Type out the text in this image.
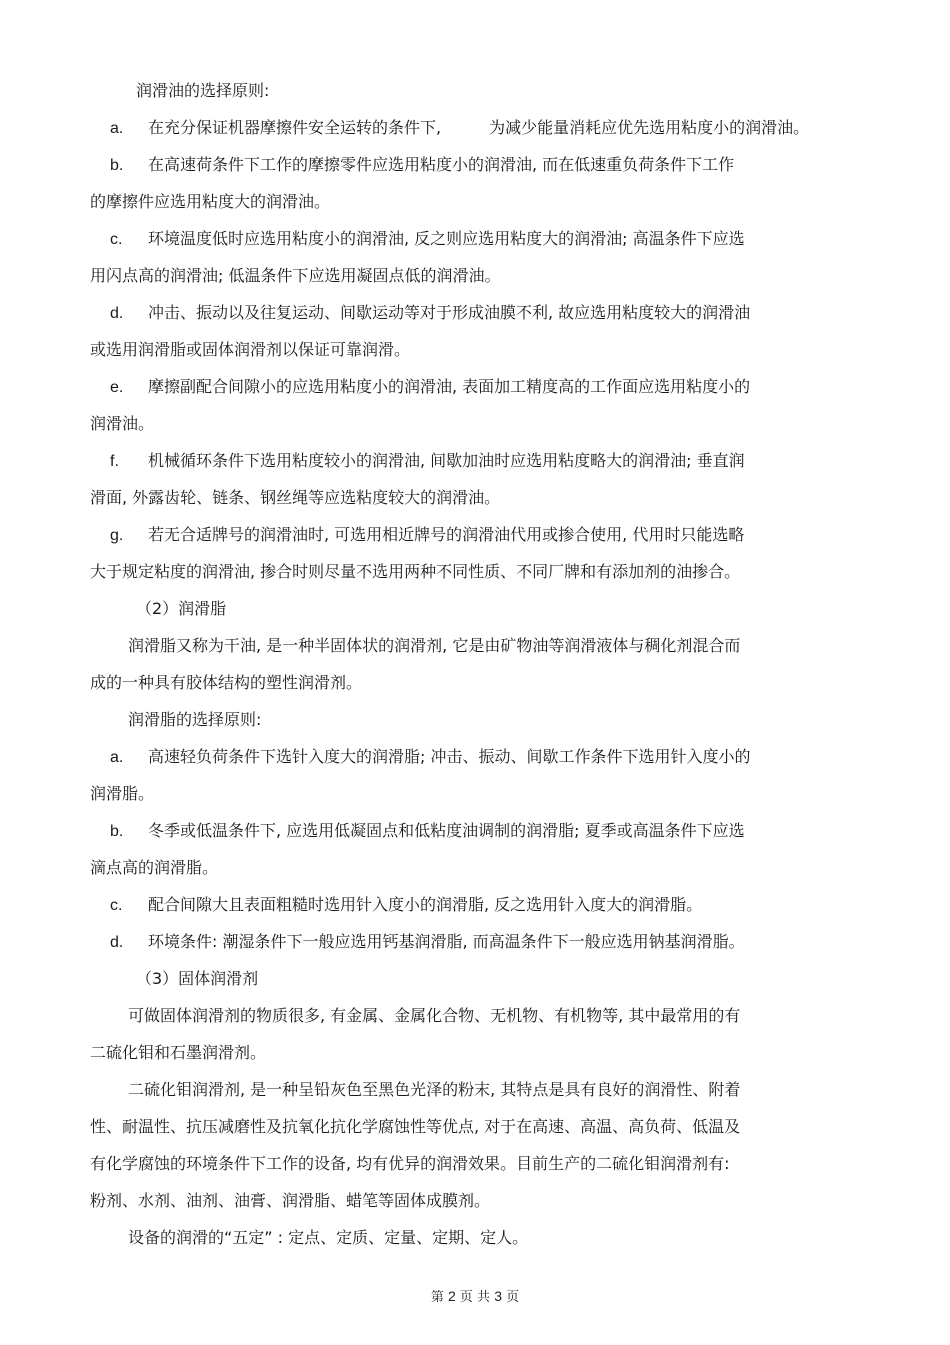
润滑油的选择原则:
a. 在充分保证机器摩擦件安全运转的条件下,	为减少能量消耗应优先选用粘度小的润滑油。
b. 在高速荷条件下工作的摩擦零件应选用粘度小的润滑油, 而在低速重负荷条件下工作
的摩擦件应选用粘度大的润滑油。
c. 环境温度低时应选用粘度小的润滑油, 反之则应选用粘度大的润滑油; 高温条件下应选
用闪点高的润滑油; 低温条件下应选用凝固点低的润滑油。
d. 冲击、振动以及往复运动、间歇运动等对于形成油膜不利, 故应选用粘度较大的润滑油
或选用润滑脂或固体润滑剂以保证可靠润滑。
e. 摩擦副配合间隙小的应选用粘度小的润滑油, 表面加工精度高的工作面应选用粘度小的
润滑油。
f. 机械循环条件下选用粘度较小的润滑油, 间歇加油时应选用粘度略大的润滑油; 垂直润
滑面, 外露齿轮、链条、钢丝绳等应选粘度较大的润滑油。
g. 若无合适牌号的润滑油时, 可选用相近牌号的润滑油代用或掺合使用, 代用时只能选略
大于规定粘度的润滑油, 掺合时则尽量不选用两种不同性质、不同厂牌和有添加剂的油掺合。
（2）润滑脂
润滑脂又称为干油, 是一种半固体状的润滑剂, 它是由矿物油等润滑液体与稠化剂混合而
成的一种具有胶体结构的塑性润滑剂。
润滑脂的选择原则:
a. 高速轻负荷条件下选针入度大的润滑脂; 冲击、振动、间歇工作条件下选用针入度小的
润滑脂。
b. 冬季或低温条件下, 应选用低凝固点和低粘度油调制的润滑脂; 夏季或高温条件下应选
滴点高的润滑脂。
c. 配合间隙大且表面粗糙时选用针入度小的润滑脂, 反之选用针入度大的润滑脂。
d. 环境条件: 潮湿条件下一般应选用钙基润滑脂, 而高温条件下一般应选用钠基润滑脂。
（3）固体润滑剂
可做固体润滑剂的物质很多, 有金属、金属化合物、无机物、有机物等, 其中最常用的有
二硫化钼和石墨润滑剂。
二硫化钼润滑剂, 是一种呈铅灰色至黑色光泽的粉末, 其特点是具有良好的润滑性、附着
性、耐温性、抗压减磨性及抗氧化抗化学腐蚀性等优点, 对于在高速、高温、高负荷、低温及
有化学腐蚀的环境条件下工作的设备, 均有优异的润滑效果。目前生产的二硫化钼润滑剂有:
粉剂、水剂、油剂、油膏、润滑脂、蜡笔等固体成膜剂。
设备的润滑的“五定” : 定点、定质、定量、定期、定人。
第 2 页 共 3 页
